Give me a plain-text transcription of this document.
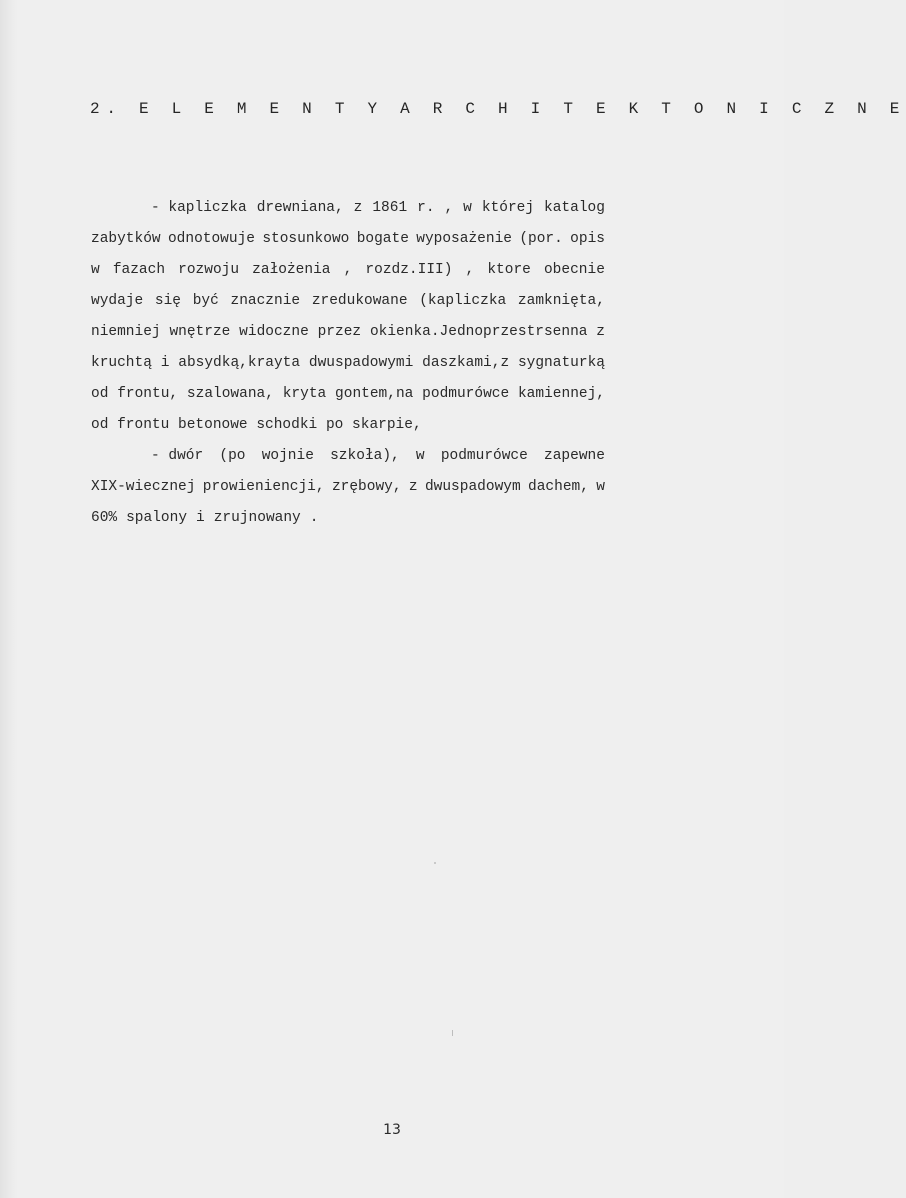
2. E L E M E N T Y A R C H I T E K T O N I C Z N E
- kapliczka drewniana, z 1861 r. , w której katalog
zabytków odnotowuje stosunkowo bogate wyposażenie (por. opis
w fazach rozwoju założenia , rozdz.III) , ktore obecnie
wydaje się być znacznie zredukowane (kapliczka zamknięta,
niemniej wnętrze widoczne przez okienka.Jednoprzestrsenna z
kruchtą i absydką,krayta dwuspadowymi daszkami,z sygnaturką
od frontu, szalowana, kryta gontem,na podmurówce kamiennej,
od frontu betonowe schodki po skarpie,
- dwór (po wojnie szkoła), w podmurówce zapewne
XIX-wiecznej prowieniencji, zrębowy, z dwuspadowym dachem, w
60% spalony i zrujnowany .
13
